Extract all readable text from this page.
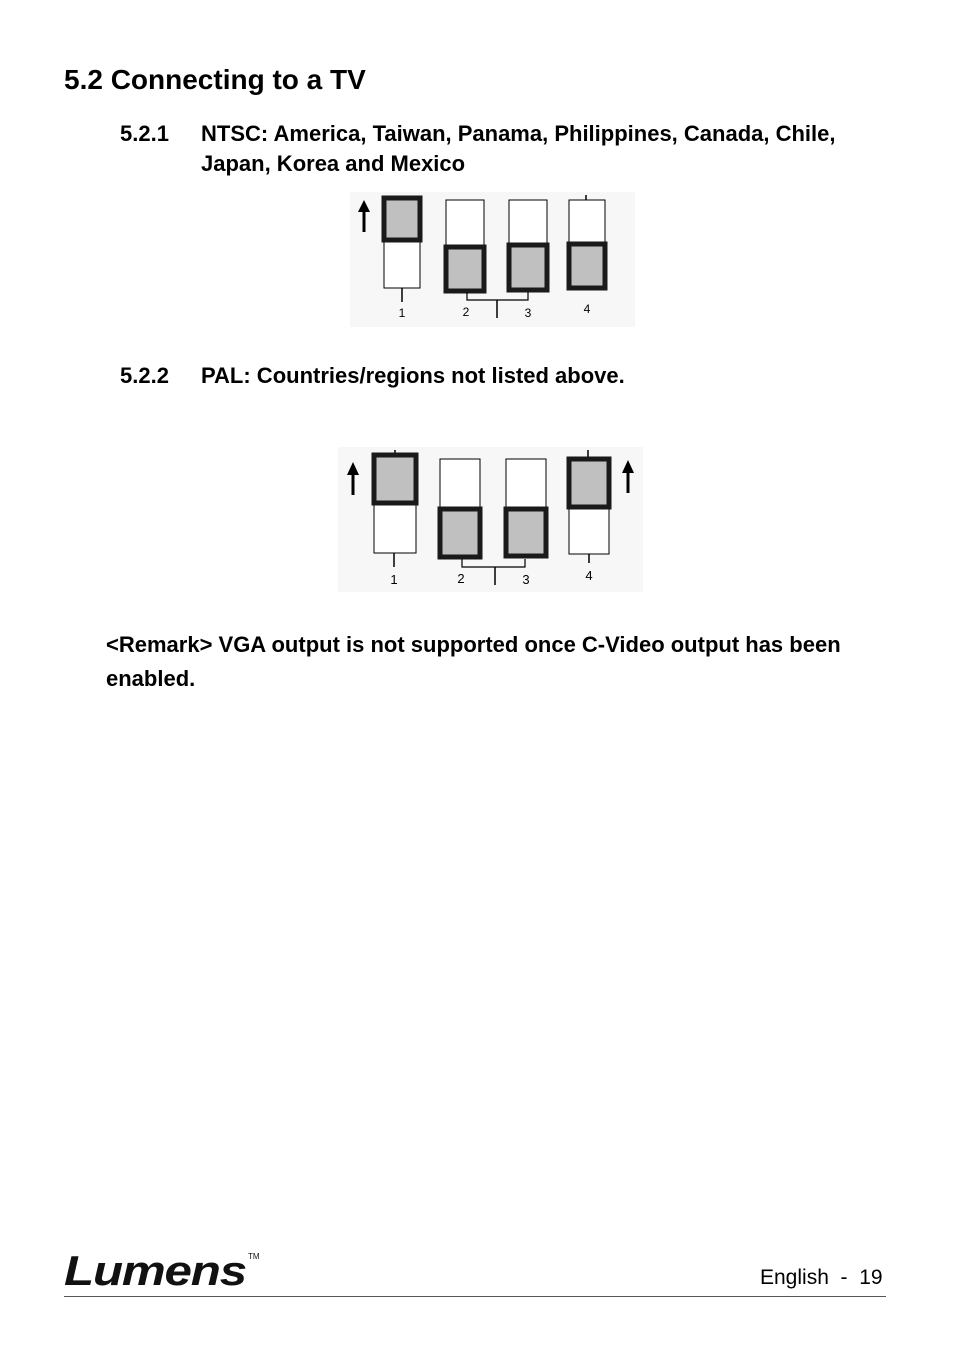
5.2 Connecting to a TV
5.2.1 NTSC: America, Taiwan, Panama, Philippines, Canada, Chile, Japan, Korea and Mexico
1	2	3	4
5.2.2 PAL: Countries/regions not listed above.
1	2	3	4

<Remark> VGA output is not supported once C-Video output has been enabled.

Lumens TM
English  -  19
